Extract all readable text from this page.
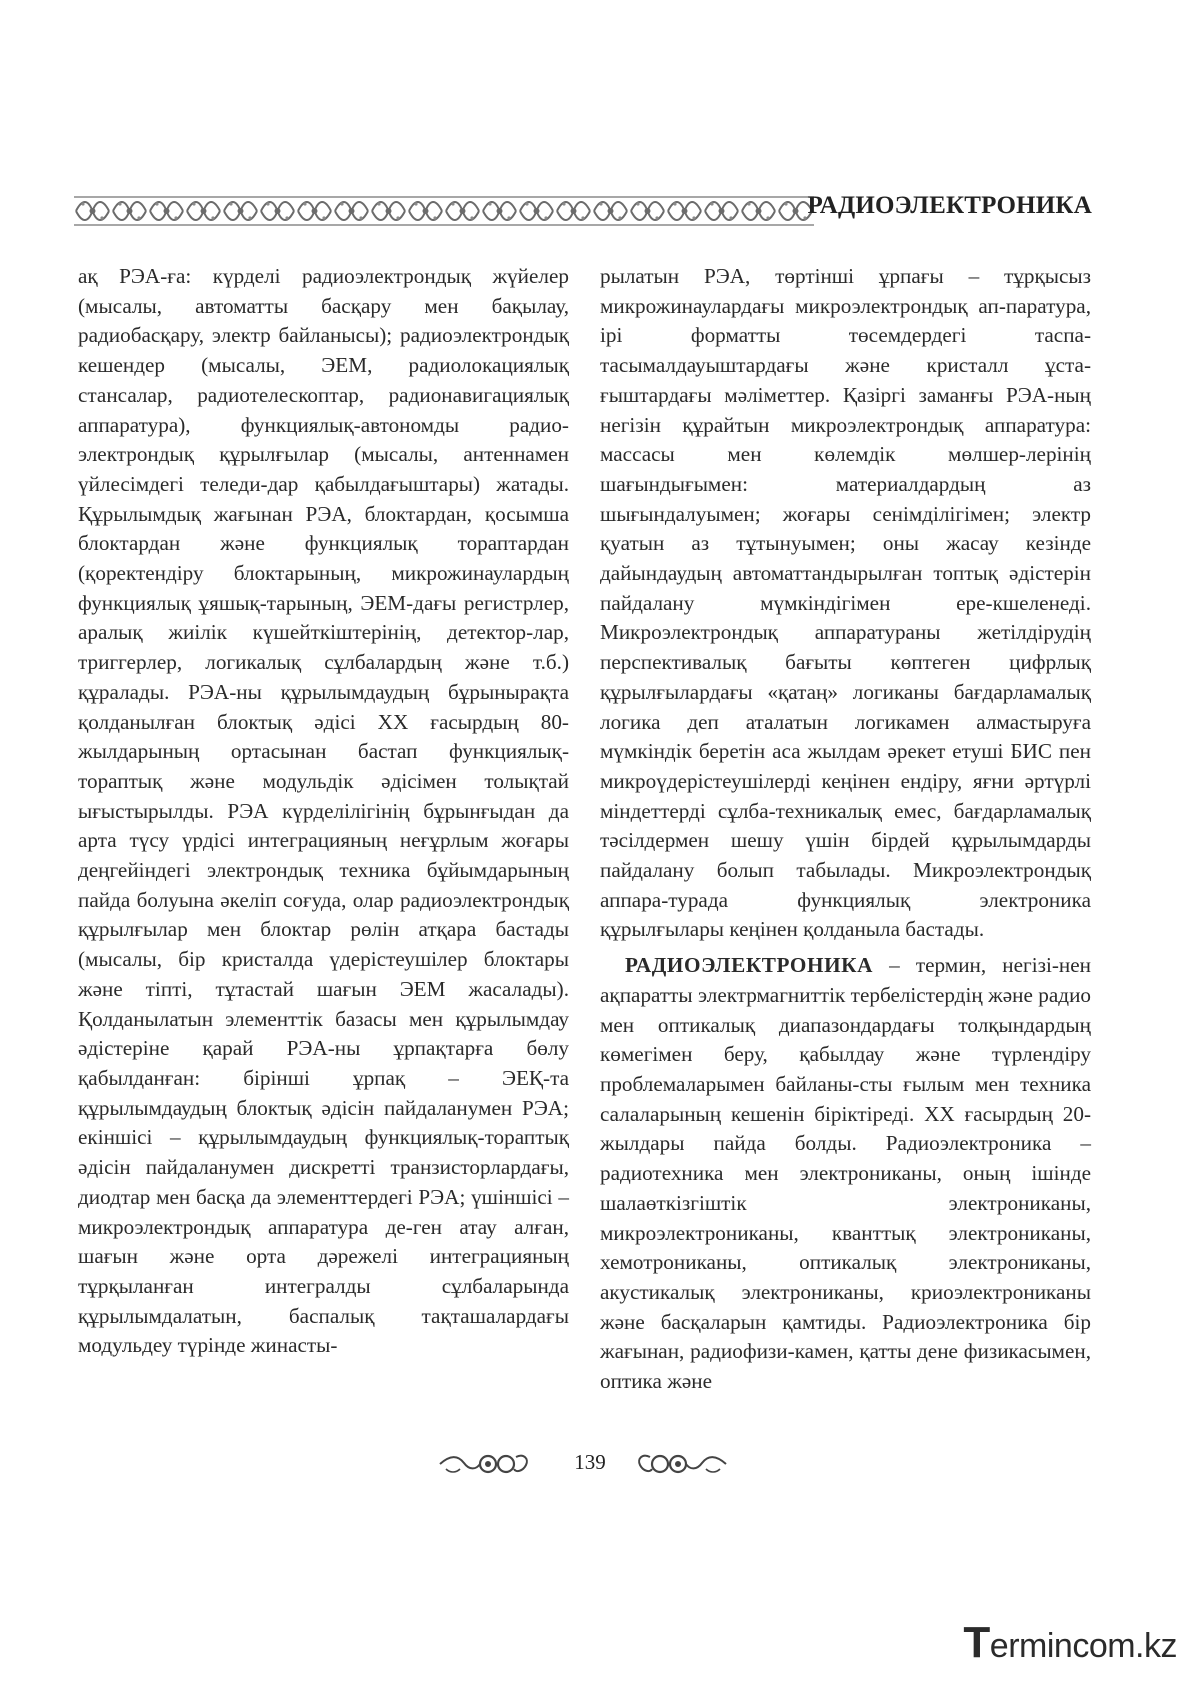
РАДИОЭЛЕКТРОНИКА

ақ РЭА-ға: күрделі радиоэлектрондық жүйелер (мысалы, автоматты басқару мен бақылау, радиобасқару, электр байланысы); радиоэлектрондық кешендер (мысалы, ЭЕМ, радиолокациялық стансалар, радиотелескоптар, радионавигациялық аппаратура), функциялық-автономды радио-электрондық құрылғылар (мысалы, антеннамен үйлесімдегі теледи-дар қабылдағыштары) жатады. Құрылымдық жағынан РЭА, блоктардан, қосымша блоктардан және функциялық тораптардан (қоректендіру блоктарының, микрожинаулардың функциялық ұяшық-тарының, ЭЕМ-дағы регистрлер, аралық жиілік күшейткіштерінің, детектор-лар, триггерлер, логикалық сұлбалардың және т.б.) құралады. РЭА-ны құрылымдаудың бұрынырақта қолданылған блоктық әдісі ХХ ғасырдың 80-жылдарының ортасынан бастап функциялық-тораптық және модульдік әдісімен толықтай ығыстырылды. РЭА күрделілігінің бұрынғыдан да арта түсу үрдісі интеграцияның неғұрлым жоғары деңгейіндегі электрондық техника бұйымдарының пайда болуына әкеліп соғуда, олар радиоэлектрондық құрылғылар мен блоктар рөлін атқара бастады (мысалы, бір кристалда үдерістеушілер блоктары және тіпті, тұтастай шағын ЭЕМ жасалады). Қолданылатын элементтік базасы мен құрылымдау әдістеріне қарай РЭА-ны ұрпақтарға бөлу қабылданған: бірінші ұрпақ – ЭЕҚ-та құрылымдаудың блоктық әдісін пайдаланумен РЭА; екіншісі – құрылымдаудың функциялық-тораптық әдісін пайдаланумен дискретті транзисторлардағы, диодтар мен басқа да элементтердегі РЭА; үшіншісі – микроэлектрондық аппаратура де-ген атау алған, шағын және орта дәрежелі интеграцияның тұрқыланған интегралды сұлбаларында құрылымдалатын, баспалық тақташалардағы модульдеу түрінде жинасты-

рылатын РЭА, төртінші ұрпағы – тұрқысыз микрожинаулардағы микроэлектрондық ап-паратура, ірі форматты төсемдердегі таспа-тасымалдауыштардағы және кристалл ұста-ғыштардағы мәліметтер. Қазіргі заманғы РЭА-ның негізін құрайтын микроэлектрондық аппаратура: массасы мен көлемдік мөлшер-лерінің шағындығымен: материалдардың аз шығындалуымен; жоғары сенімділігімен; электр қуатын аз тұтынуымен; оны жасау кезінде дайындаудың автоматтандырылған топтық әдістерін пайдалану мүмкіндігімен ере-кшеленеді. Микроэлектрондық аппаратураны жетілдірудің перспективалық бағыты көптеген цифрлық құрылғылардағы «қатаң» логиканы бағдарламалық логика деп аталатын логикамен алмастыруға мүмкіндік беретін аса жылдам әрекет етуші БИС пен микроүдерістеушілерді кеңінен ендіру, яғни әртүрлі міндеттерді сұлба-техникалық емес, бағдарламалық тәсілдермен шешу үшін бірдей құрылымдарды пайдалану болып табылады. Микроэлектрондық аппара-турада функциялық электроника құрылғылары кеңінен қолданыла бастады.

РАДИОЭЛЕКТРОНИКА – термин, негізі-нен ақпаратты электрмагниттік тербелістердің және радио мен оптикалық диапазондардағы толқындардың көмегімен беру, қабылдау және түрлендіру проблемаларымен байланы-сты ғылым мен техника салаларының кешенін біріктіреді. ХХ ғасырдың 20-жылдары пайда болды. Радиоэлектроника – радиотехника мен электрониканы, оның ішінде шалаөткізгіштік электрониканы, микроэлектрониканы, кванттық электрониканы, хемотрониканы, оптикалық электрониканы, акустикалық электрониканы, криоэлектрониканы және басқаларын қамтиды. Радиоэлектроника бір жағынан, радиофизи-камен, қатты дене физикасымен, оптика және

139
Termincom.kz
